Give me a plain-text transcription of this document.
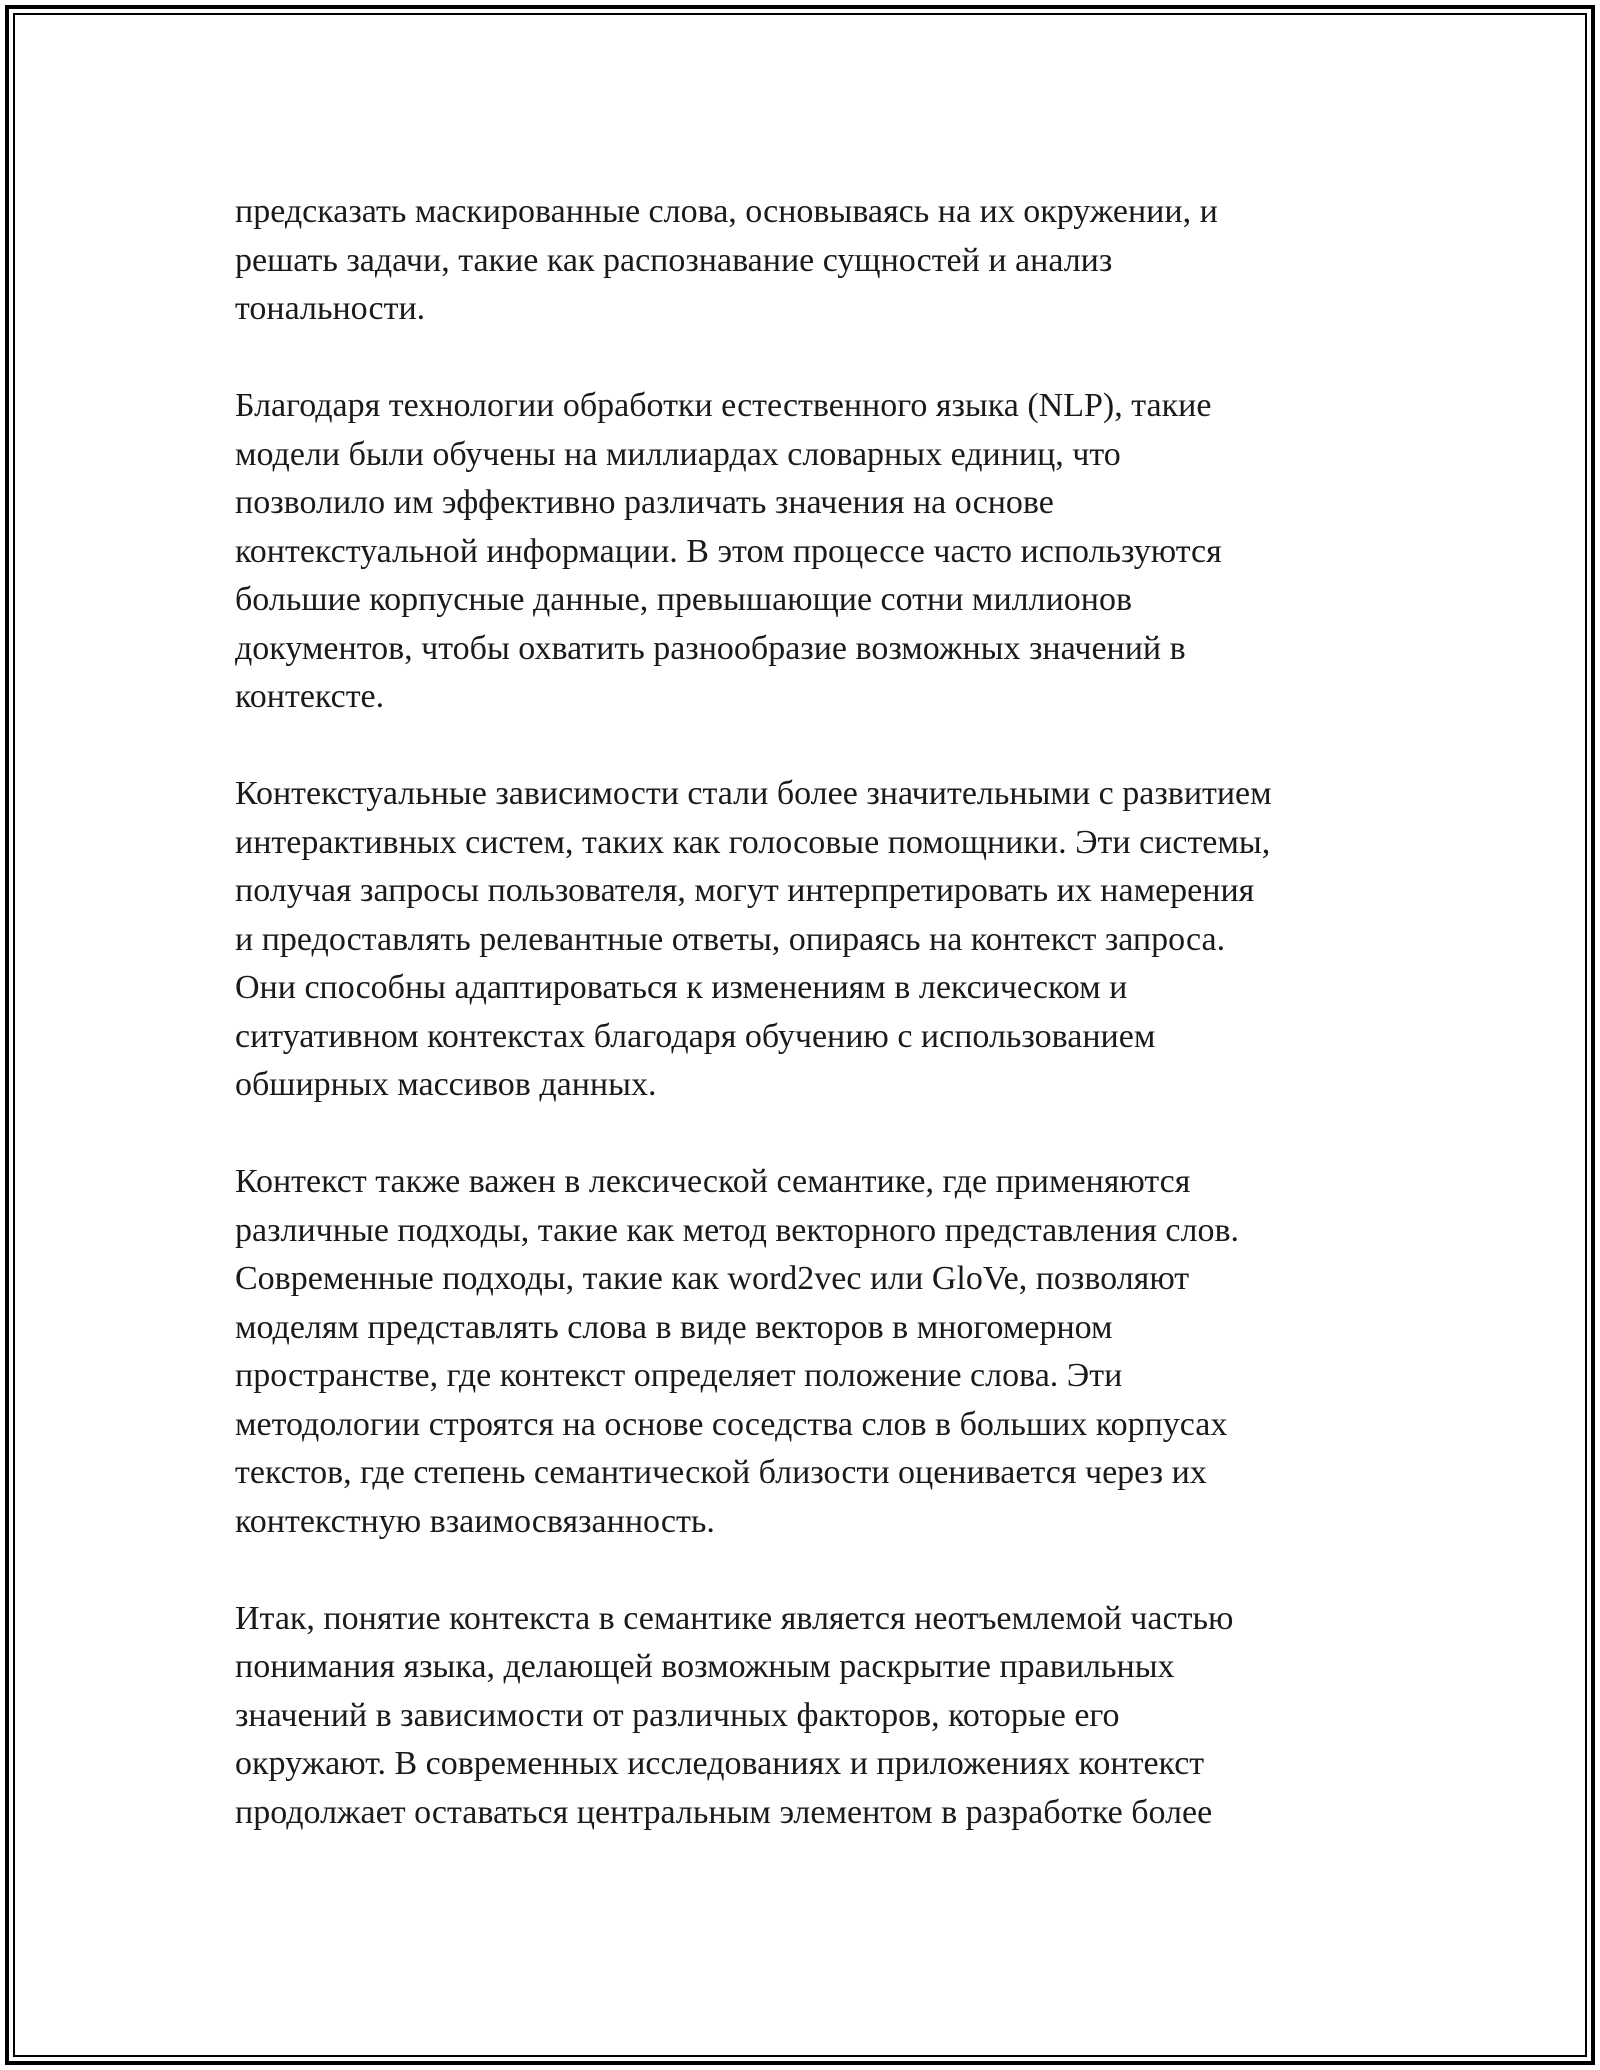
предсказать маскированные слова, основываясь на их окружении, и
решать задачи, такие как распознавание сущностей и анализ
тональности.

Благодаря технологии обработки естественного языка (NLP), такие
модели были обучены на миллиардах словарных единиц, что
позволило им эффективно различать значения на основе
контекстуальной информации. В этом процессе часто используются
большие корпусные данные, превышающие сотни миллионов
документов, чтобы охватить разнообразие возможных значений в
контексте.

Контекстуальные зависимости стали более значительными с развитием
интерактивных систем, таких как голосовые помощники. Эти системы,
получая запросы пользователя, могут интерпретировать их намерения
и предоставлять релевантные ответы, опираясь на контекст запроса.
Они способны адаптироваться к изменениям в лексическом и
ситуативном контекстах благодаря обучению с использованием
обширных массивов данных.

Контекст также важен в лексической семантике, где применяются
различные подходы, такие как метод векторного представления слов.
Современные подходы, такие как word2vec или GloVe, позволяют
моделям представлять слова в виде векторов в многомерном
пространстве, где контекст определяет положение слова. Эти
методологии строятся на основе соседства слов в больших корпусах
текстов, где степень семантической близости оценивается через их
контекстную взаимосвязанность.

Итак, понятие контекста в семантике является неотъемлемой частью
понимания языка, делающей возможным раскрытие правильных
значений в зависимости от различных факторов, которые его
окружают. В современных исследованиях и приложениях контекст
продолжает оставаться центральным элементом в разработке более
